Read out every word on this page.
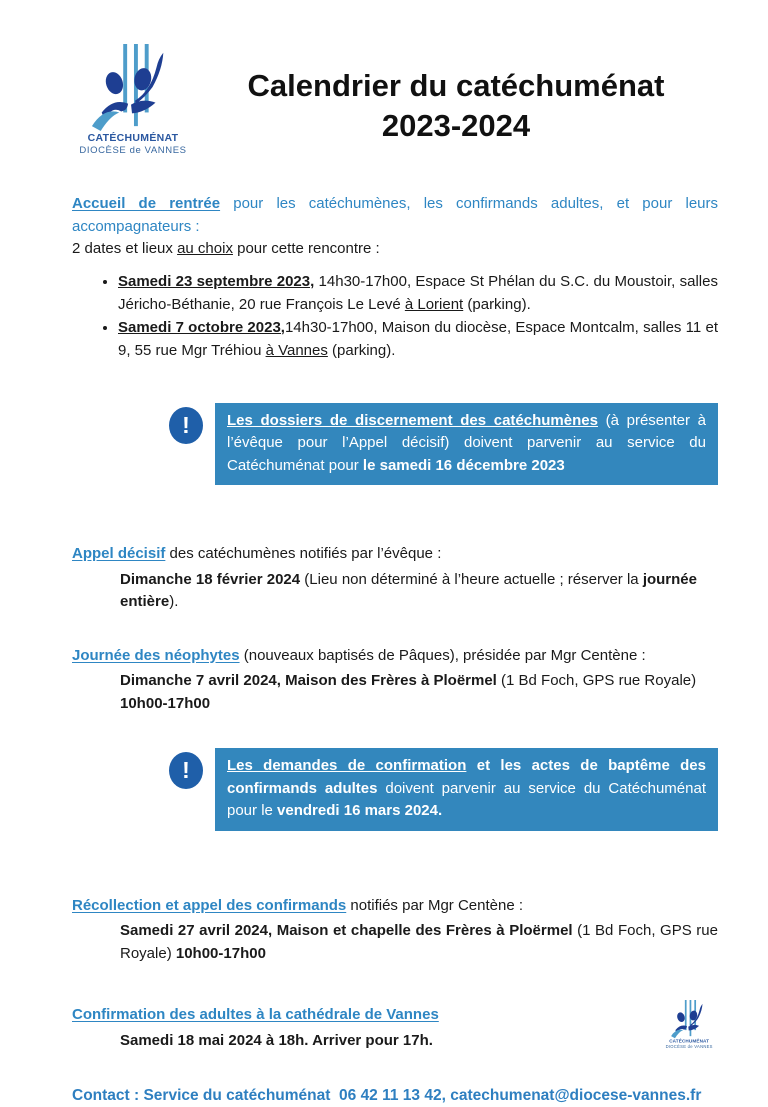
CATÉCHUMÉNAT
DIOCÈSE de VANNES
Calendrier du catéchuménat
2023-2024

Accueil de rentrée pour les catéchumènes, les confirmands adultes, et pour leurs accompagnateurs :

2 dates et lieux au choix pour cette rencontre :

• Samedi 23 septembre 2023, 14h30-17h00, Espace St Phélan du S.C. du Moustoir, salles Jéricho-Béthanie, 20 rue François Le Levé à Lorient (parking).
• Samedi 7 octobre 2023,14h30-17h00, Maison du diocèse, Espace Montcalm, salles 11 et 9, 55 rue Mgr Tréhiou à Vannes (parking).
!	Les dossiers de discernement des catéchumènes (à présenter à l’évêque pour l’Appel décisif) doivent parvenir au service du Catéchuménat pour le samedi 16 décembre 2023

Appel décisif des catéchumènes notifiés par l’évêque :

Dimanche 18 février 2024 (Lieu non déterminé à l’heure actuelle ; réserver la journée entière).

Journée des néophytes (nouveaux baptisés de Pâques), présidée par Mgr Centène :

Dimanche 7 avril 2024, Maison des Frères à Ploërmel (1 Bd Foch, GPS rue Royale) 10h00-17h00

!	Les demandes de confirmation et les actes de baptême des confirmands adultes doivent parvenir au service du Catéchuménat pour le vendredi 16 mars 2024.

Récollection et appel des confirmands notifiés par Mgr Centène :

Samedi 27 avril 2024, Maison et chapelle des Frères à Ploërmel (1 Bd Foch, GPS rue Royale) 10h00-17h00

Confirmation des adultes à la cathédrale de Vannes

Samedi 18 mai 2024 à 18h. Arriver pour 17h.

Contact : Service du catéchuménat  06 42 11 13 42, catechumenat@diocese-vannes.fr

CATÉCHUMÉNAT
DIOCÈSE de VANNES
